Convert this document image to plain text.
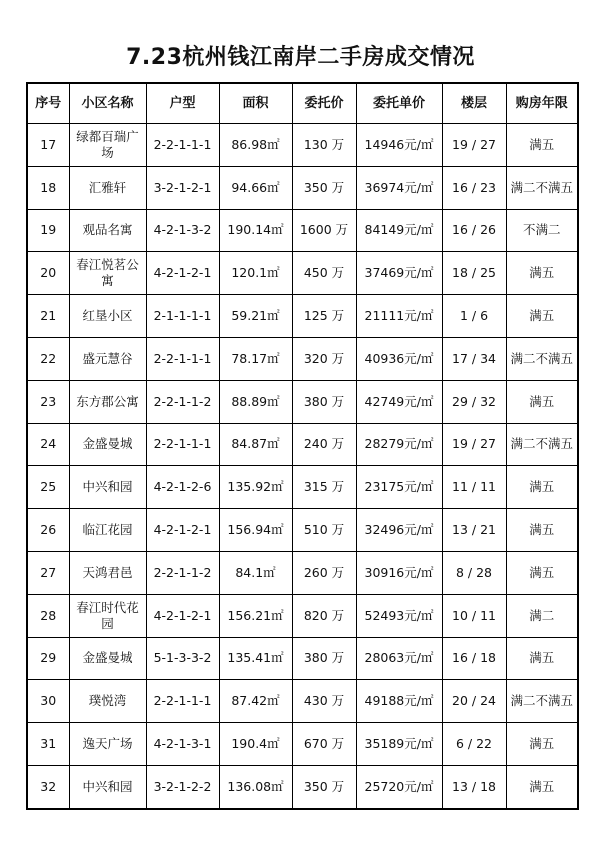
7.23杭州钱江南岸二手房成交情况
序号	小区名称	户型	面积	委托价	委托单价	楼层	购房年限
17	绿都百瑞广场	2-2-1-1-1	86.98㎡	130 万	14946元/㎡	19 / 27	满五
18	汇雅轩	3-2-1-2-1	94.66㎡	350 万	36974元/㎡	16 / 23	满二不满五
19	观品名寓	4-2-1-3-2	190.14㎡	1600 万	84149元/㎡	16 / 26	不满二
20	春江悦茗公寓	4-2-1-2-1	120.1㎡	450 万	37469元/㎡	18 / 25	满五
21	红垦小区	2-1-1-1-1	59.21㎡	125 万	21111元/㎡	1 / 6	满五
22	盛元慧谷	2-2-1-1-1	78.17㎡	320 万	40936元/㎡	17 / 34	满二不满五
23	东方郡公寓	2-2-1-1-2	88.89㎡	380 万	42749元/㎡	29 / 32	满五
24	金盛曼城	2-2-1-1-1	84.87㎡	240 万	28279元/㎡	19 / 27	满二不满五
25	中兴和园	4-2-1-2-6	135.92㎡	315 万	23175元/㎡	11 / 11	满五
26	临江花园	4-2-1-2-1	156.94㎡	510 万	32496元/㎡	13 / 21	满五
27	天鸿君邑	2-2-1-1-2	84.1㎡	260 万	30916元/㎡	8 / 28	满五
28	春江时代花园	4-2-1-2-1	156.21㎡	820 万	52493元/㎡	10 / 11	满二
29	金盛曼城	5-1-3-3-2	135.41㎡	380 万	28063元/㎡	16 / 18	满五
30	璞悦湾	2-2-1-1-1	87.42㎡	430 万	49188元/㎡	20 / 24	满二不满五
31	逸天广场	4-2-1-3-1	190.4㎡	670 万	35189元/㎡	6 / 22	满五
32	中兴和园	3-2-1-2-2	136.08㎡	350 万	25720元/㎡	13 / 18	满五
